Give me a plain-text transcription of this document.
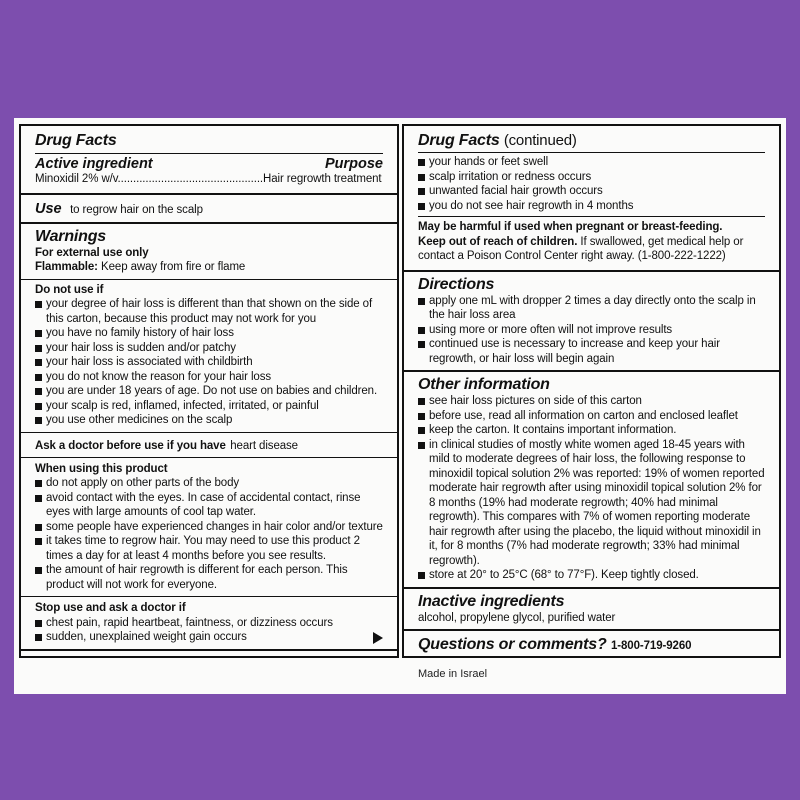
Drug Facts
Active ingredient	Purpose
Minoxidil 2% w/v...............................................Hair regrowth treatment
Use to regrow hair on the scalp
Warnings
For external use only
Flammable: Keep away from fire or flame
Do not use if
your degree of hair loss is different than that shown on the side of this carton, because this product may not work for you
you have no family history of hair loss
your hair loss is sudden and/or patchy
your hair loss is associated with childbirth
you do not know the reason for your hair loss
you are under 18 years of age. Do not use on babies and children.
your scalp is red, inflamed, infected, irritated, or painful
you use other medicines on the scalp
Ask a doctor before use if you have heart disease
When using this product
do not apply on other parts of the body
avoid contact with the eyes. In case of accidental contact, rinse eyes with large amounts of cool tap water.
some people have experienced changes in hair color and/or texture
it takes time to regrow hair. You may need to use this product 2 times a day for at least 4 months before you see results.
the amount of hair regrowth is different for each person. This product will not work for everyone.
Stop use and ask a doctor if
chest pain, rapid heartbeat, faintness, or dizziness occurs
sudden, unexplained weight gain occurs
Drug Facts (continued)
your hands or feet swell
scalp irritation or redness occurs
unwanted facial hair growth occurs
you do not see hair regrowth in 4 months
May be harmful if used when pregnant or breast-feeding.
Keep out of reach of children. If swallowed, get medical help or contact a Poison Control Center right away. (1-800-222-1222)
Directions
apply one mL with dropper 2 times a day directly onto the scalp in the hair loss area
using more or more often will not improve results
continued use is necessary to increase and keep your hair regrowth, or hair loss will begin again
Other information
see hair loss pictures on side of this carton
before use, read all information on carton and enclosed leaflet
keep the carton. It contains important information.
in clinical studies of mostly white women aged 18-45 years with mild to moderate degrees of hair loss, the following response to minoxidil topical solution 2% was reported: 19% of women reported moderate hair regrowth after using minoxidil topical solution 2% for 8 months (19% had moderate regrowth; 40% had minimal regrowth). This compares with 7% of women reporting moderate hair regrowth after using the placebo, the liquid without minoxidil in it, for 8 months (7% had moderate regrowth; 33% had minimal regrowth).
store at 20° to 25°C (68° to 77°F). Keep tightly closed.
Inactive ingredients
alcohol, propylene glycol, purified water
Questions or comments? 1-800-719-9260
Made in Israel
